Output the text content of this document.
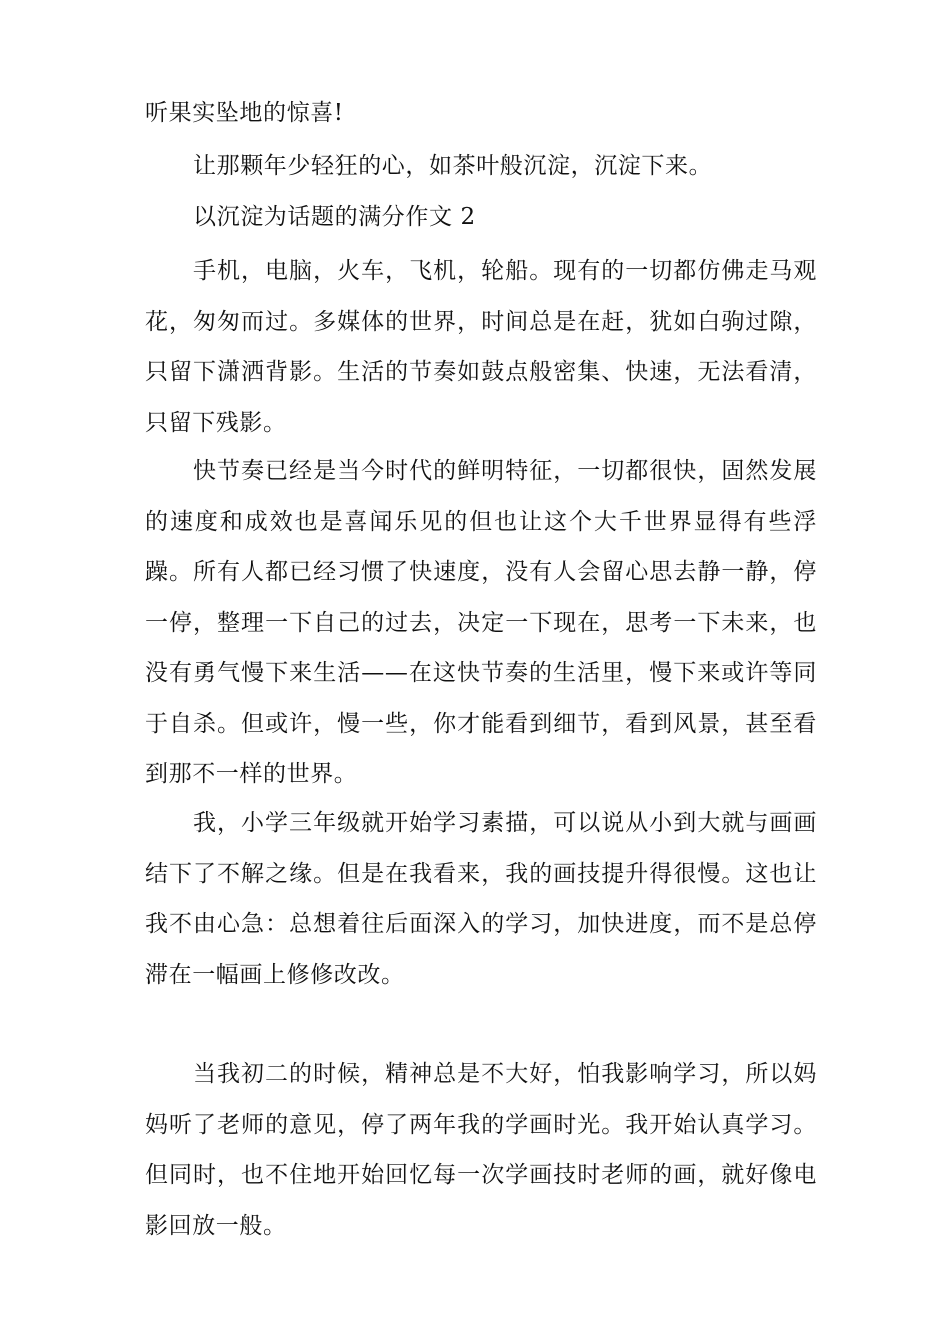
听果实坠地的惊喜!

让那颗年少轻狂的心，如茶叶般沉淀，沉淀下来。

以沉淀为话题的满分作文 2

手机，电脑，火车，飞机，轮船。现有的一切都仿佛走马观花，匆匆而过。多媒体的世界，时间总是在赶，犹如白驹过隙，只留下潇洒背影。生活的节奏如鼓点般密集、快速，无法看清，只留下残影。

快节奏已经是当今时代的鲜明特征，一切都很快，固然发展的速度和成效也是喜闻乐见的但也让这个大千世界显得有些浮躁。所有人都已经习惯了快速度，没有人会留心思去静一静，停一停，整理一下自己的过去，决定一下现在，思考一下未来，也没有勇气慢下来生活——在这快节奏的生活里，慢下来或许等同于自杀。但或许，慢一些，你才能看到细节，看到风景，甚至看到那不一样的世界。

我，小学三年级就开始学习素描，可以说从小到大就与画画结下了不解之缘。但是在我看来，我的画技提升得很慢。这也让我不由心急：总想着往后面深入的学习，加快进度，而不是总停滞在一幅画上修修改改。

当我初二的时候，精神总是不大好，怕我影响学习，所以妈妈听了老师的意见，停了两年我的学画时光。我开始认真学习。但同时，也不住地开始回忆每一次学画技时老师的画，就好像电影回放一般。
